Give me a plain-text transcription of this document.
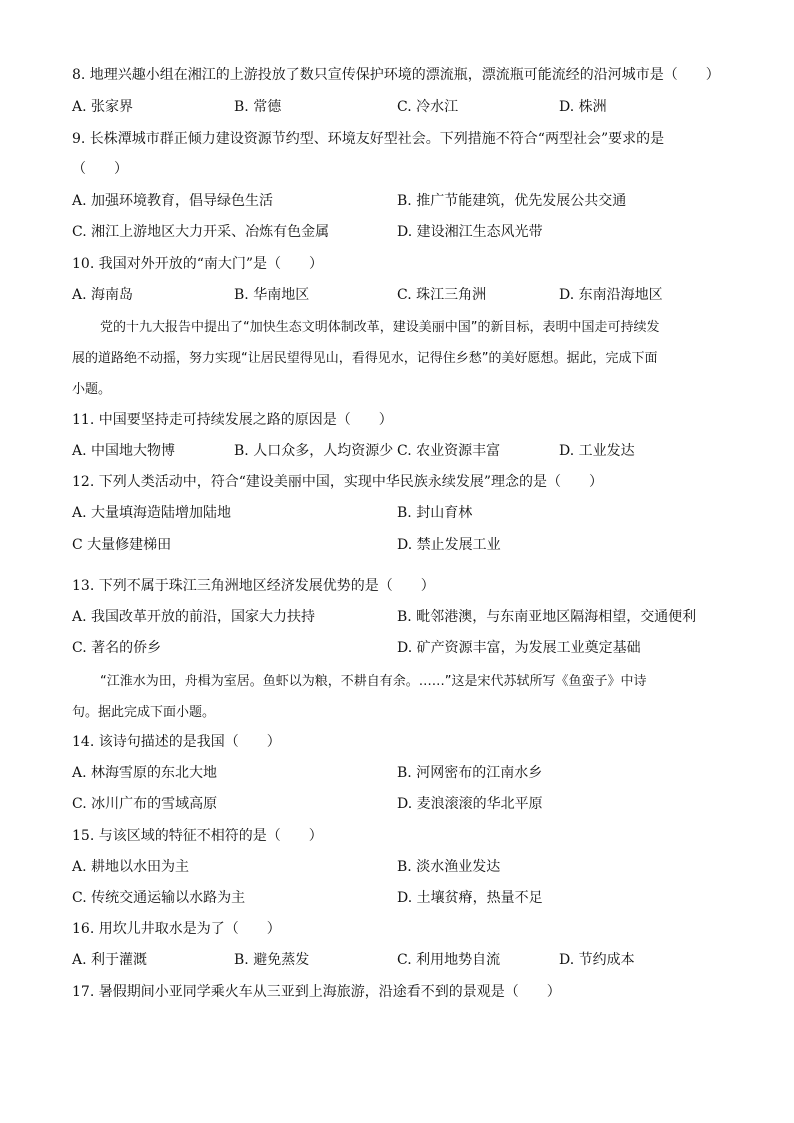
8. 地理兴趣小组在湘江的上游投放了数只宣传保护环境的漂流瓶，漂流瓶可能流经的沿河城市是（　　）
A. 张家界	B. 常德	C. 冷水江	D. 株洲
9. 长株潭城市群正倾力建设资源节约型、环境友好型社会。下列措施不符合“两型社会”要求的是
（　　）
A. 加强环境教育，倡导绿色生活	B. 推广节能建筑，优先发展公共交通
C. 湘江上游地区大力开采、冶炼有色金属	D. 建设湘江生态风光带
10. 我国对外开放的“南大门”是（　　）
A. 海南岛	B. 华南地区	C. 珠江三角洲	D. 东南沿海地区

党的十九大报告中提出了“加快生态文明体制改革，建设美丽中国”的新目标，表明中国走可持续发

展的道路绝不动摇，努力实现“让居民望得见山，看得见水，记得住乡愁”的美好愿想。据此，完成下面

小题。

11. 中国要坚持走可持续发展之路的原因是（　　）
A. 中国地大物博	B. 人口众多，人均资源少 C. 农业资源丰富	D. 工业发达
12. 下列人类活动中，符合“建设美丽中国，实现中华民族永续发展”理念的是（　　）
A. 大量填海造陆增加陆地	B. 封山育林
C 大量修建梯田	D. 禁止发展工业
13. 下列不属于珠江三角洲地区经济发展优势的是（　　）
A. 我国改革开放的前沿，国家大力扶持	B. 毗邻港澳，与东南亚地区隔海相望，交通便利
C. 著名的侨乡	D. 矿产资源丰富，为发展工业奠定基础

“江淮水为田，舟楫为室居。鱼虾以为粮，不耕自有余。……”这是宋代苏轼所写《鱼蛮子》中诗

句。据此完成下面小题。

14. 该诗句描述的是我国（　　）
A. 林海雪原的东北大地	B. 河网密布的江南水乡
C. 冰川广布的雪域高原	D. 麦浪滚滚的华北平原
15. 与该区域的特征不相符的是（　　）
A. 耕地以水田为主	B. 淡水渔业发达
C. 传统交通运输以水路为主	D. 土壤贫瘠，热量不足
16. 用坎儿井取水是为了（　　）
A. 利于灌溉	B. 避免蒸发	C. 利用地势自流	D. 节约成本
17. 暑假期间小亚同学乘火车从三亚到上海旅游，沿途看不到的景观是（　　）
